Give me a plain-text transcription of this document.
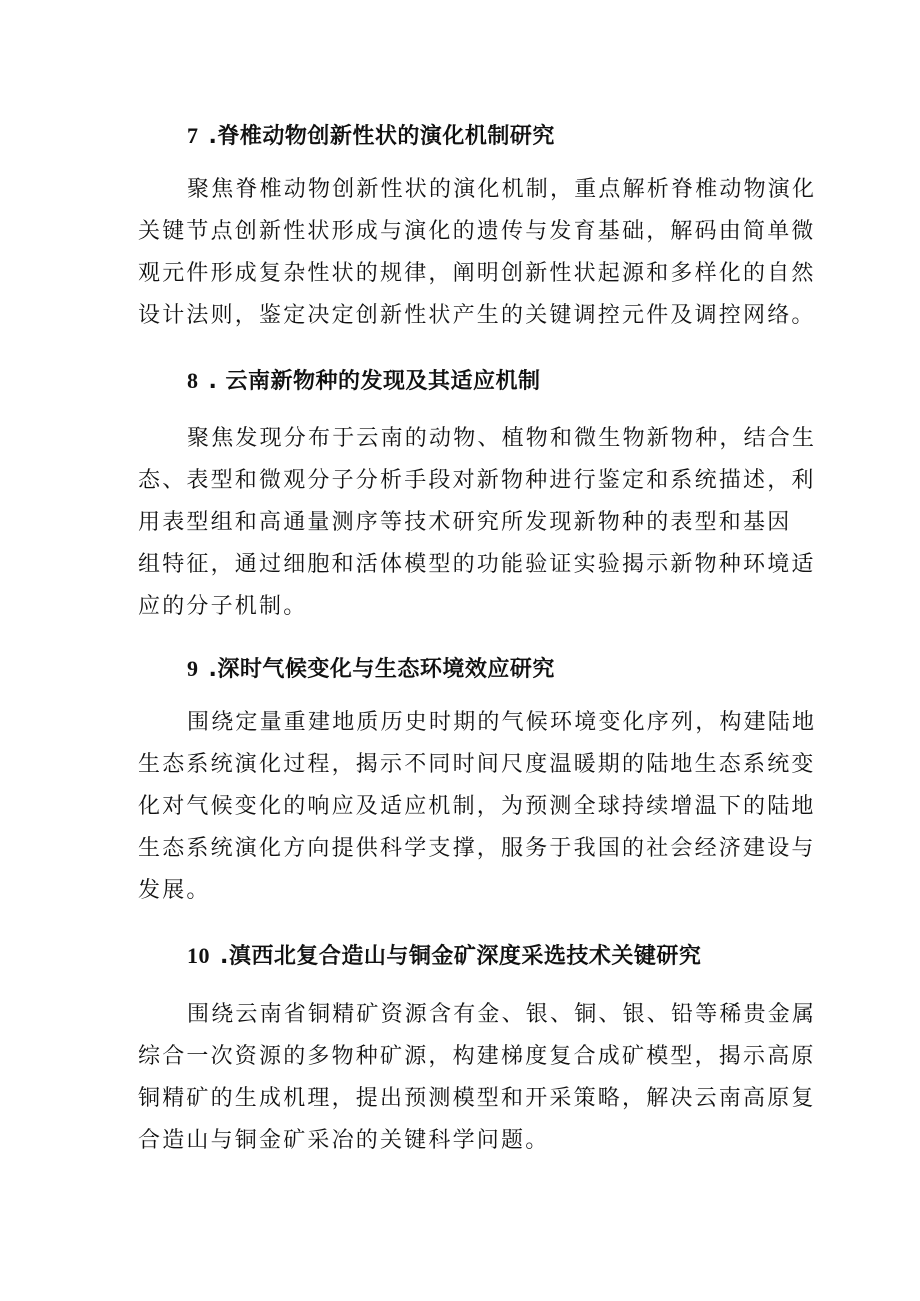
7 .脊椎动物创新性状的演化机制研究
聚焦脊椎动物创新性状的演化机制，重点解析脊椎动物演化
关键节点创新性状形成与演化的遗传与发育基础，解码由简单微
观元件形成复杂性状的规律，阐明创新性状起源和多样化的自然
设计法则，鉴定决定创新性状产生的关键调控元件及调控网络。
8 . 云南新物种的发现及其适应机制
聚焦发现分布于云南的动物、植物和微生物新物种，结合生
态、表型和微观分子分析手段对新物种进行鉴定和系统描述，利
用表型组和高通量测序等技术研究所发现新物种的表型和基因
组特征，通过细胞和活体模型的功能验证实验揭示新物种环境适
应的分子机制。
9 .深时气候变化与生态环境效应研究
围绕定量重建地质历史时期的气候环境变化序列，构建陆地
生态系统演化过程，揭示不同时间尺度温暖期的陆地生态系统变
化对气候变化的响应及适应机制，为预测全球持续增温下的陆地
生态系统演化方向提供科学支撑，服务于我国的社会经济建设与
发展。
10 .滇西北复合造山与铜金矿深度采选技术关键研究
围绕云南省铜精矿资源含有金、银、铜、银、铅等稀贵金属
综合一次资源的多物种矿源，构建梯度复合成矿模型，揭示高原
铜精矿的生成机理，提出预测模型和开采策略，解决云南高原复
合造山与铜金矿采冶的关键科学问题。
